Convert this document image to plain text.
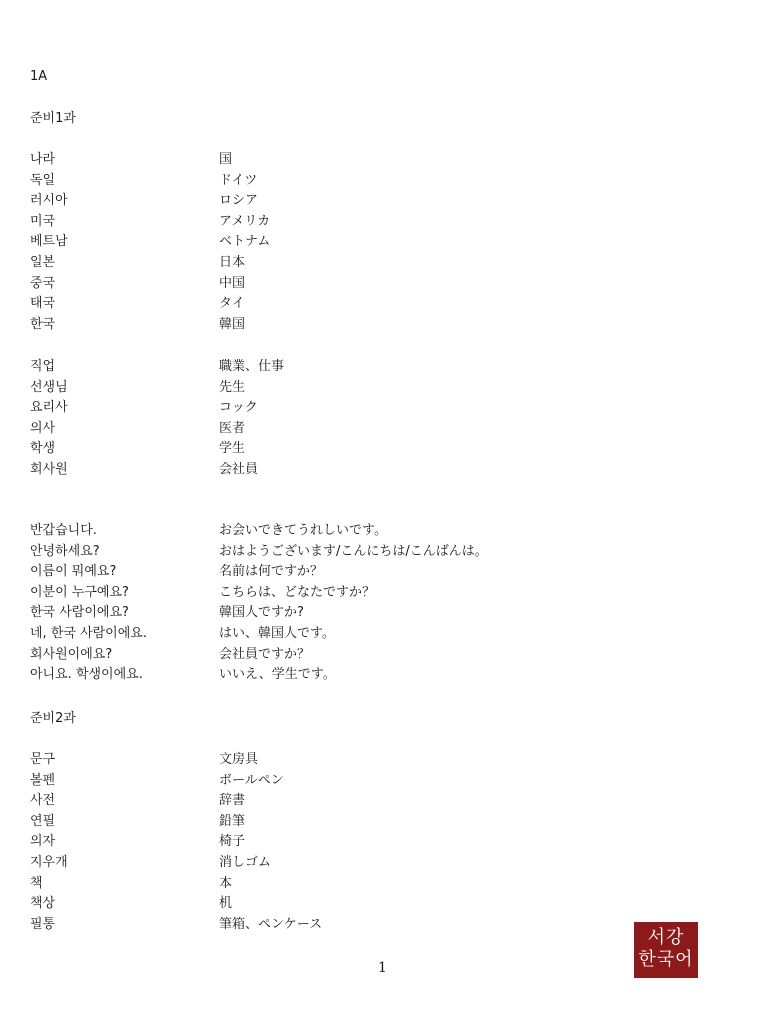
1A
준비1과
나라	国
독일	ドイツ
러시아	ロシア
미국	アメリカ
베트남	ベトナム
일본	日本
중국	中国
태국	タイ
한국	韓国
직업	職業、仕事
선생님	先生
요리사	コック
의사	医者
학생	学生
회사원	会社員
반갑습니다.	お会いできてうれしいです。
안녕하세요?	おはようございます/こんにちは/こんばんは。
이름이 뭐예요?	名前は何ですか？
이분이 누구예요?	こちらは、どなたですか？
한국 사람이에요?	韓国人ですか?
네, 한국 사람이에요.	はい、韓国人です。
회사원이에요?	会社員ですか？
아니요. 학생이에요.	いいえ、学生です。
준비2과
문구	文房具
볼펜	ボールペン
사전	辞書
연필	鉛筆
의자	椅子
지우개	消しゴム
책	本
책상	机
필통	筆箱、ペンケース
1
서강
한국어
